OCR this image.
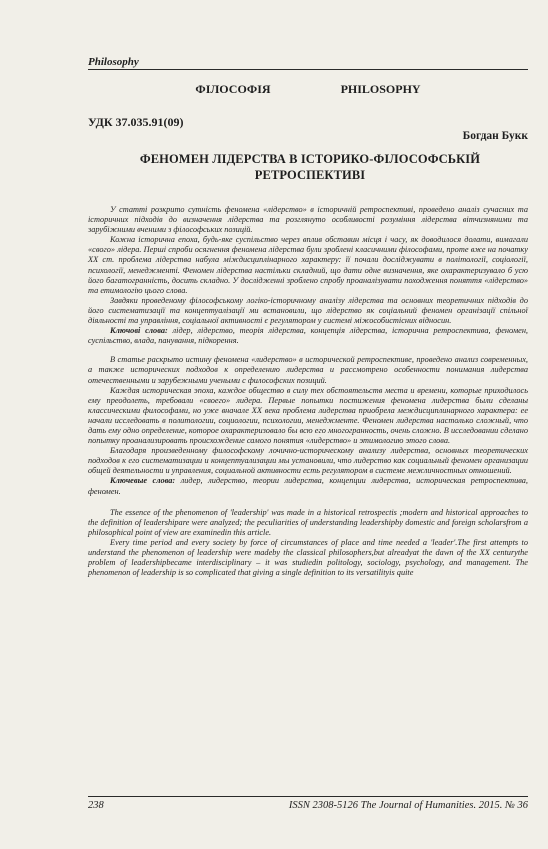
Philosophy
ФІЛОСОФІЯ	PHILOSOPHY
УДК 37.035.91(09)
Богдан Букк
ФЕНОМЕН ЛІДЕРСТВА В ІСТОРИКО-ФІЛОСОФСЬКІЙ РЕТРОСПЕКТИВІ

У статті розкрито сутність феномена «лідерство» в історичній ретроспективі, проведено аналіз сучасних та історичних підходів до визначення лідерства та розглянуто особливості розуміння лідерства вітчизняними та зарубіжними вченими з філософських позицій.

Кожна історична епоха, будь-яке суспільство через вплив обставин місця і часу, як доводилося долати, вимагали «свого» лідера. Перші спроби осягнення феномена лідерства були зроблені класичними філософами, проте вже на початку XX ст. проблема лідерства набула міждисциплінарного характеру: її почали досліджувати в політології, соціології, психології, менеджменті. Феномен лідерства настільки складний, що дати одне визначення, яке охарактеризувало б усю його багатогранність, досить складно. У дослідженні зроблено спробу проаналізувати походження поняття «лідерство» та етимологію цього слова.

Завдяки проведеному філософському логіко-історичному аналізу лідерства та основних теоретичних підходів до його систематизації та концептуалізації ми встановили, що лідерство як соціальний феномен організації спільної діяльності та управління, соціальної активності є регулятором у системі міжособистісних відносин.

Ключові слова: лідер, лідерство, теорія лідерства, концепція лідерства, історична ретроспектива, феномен, суспільство, влада, панування, підкорення.

В статье раскрыто истину феномена «лидерство» в исторической ретроспективе, проведено анализ современных, а также исторических подходов к определению лидерства и рассмотрено особенности понимания лидерства отечественными и зарубежными учеными с философских позиций.

Каждая историческая эпоха, каждое общество в силу тех обстоятельств места и времени, которые приходилось ему преодолеть, требовали «своего» лидера. Первые попытки постижения феномена лидерства были сделаны классическими философами, но уже вначале XX века проблема лидерства приобрела междисциплинарного характера: ее начали исследовать в политологии, социологии, психологии, менеджменте. Феномен лидерства настолько сложный, что дать ему одно определение, которое охарактеризовало бы всю его многогранность, очень сложно. В исследовании сделано попытку проанализировать происхождение самого понятия «лидерство» и этимологию этого слова.

Благодаря произведенному философскому лочично-историческому анализу лидерства, основных теоретических подходов к его систематизации и концептуализации мы установили, что лидерство как социальный феномен организации общей деятельности и управления, социальной активности есть регулятором в системе межличностных отношений.

Ключевые слова: лидер, лидерство, теории лидерства, концепции лидерства, историческая ретроспектива, феномен.

The essence of the phenomenon of 'leadership' was made in a historical retrospectis ;modern and historical approaches to the definition of leadershipare were analyzed; the peculiarities of understanding leadershipby domestic and foreign scholarsfrom a philosophical point of view are examinedin this article.

Every time period and every society by force of circumstances of place and time needed a 'leader'.The first attempts to understand the phenomenon of leadership were madeby the classical philosophers,but alreadyat the dawn of the XX centurythe problem of leadershipbecame interdisciplinary – it was studiedin politology, sociology, psychology, and management. The phenomenon of leadership is so complicated that giving a single definition to its versatilityis quite

238	ISSN 2308-5126 The Journal of Humanities. 2015. № 36
